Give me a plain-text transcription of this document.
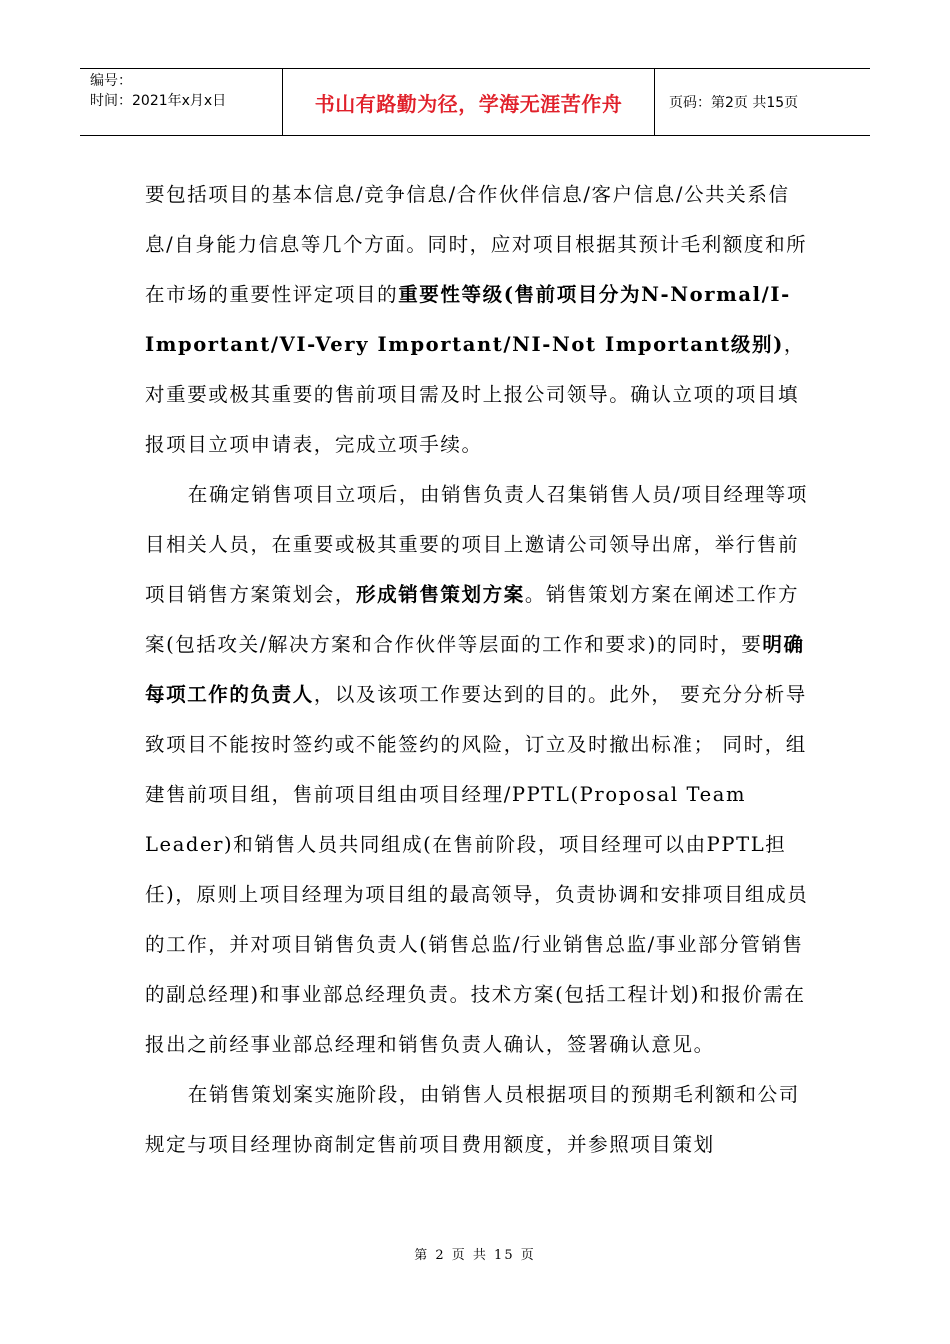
编号：
时间：2021年x月x日	书山有路勤为径，学海无涯苦作舟	页码：第2页 共15页

要包括项目的基本信息/竞争信息/合作伙伴信息/客户信息/公共关系信息/自身能力信息等几个方面。同时，应对项目根据其预计毛利额度和所在市场的重要性评定项目的重要性等级(售前项目分为N-Normal/I-Important/VI-Very Important/NI-Not Important级别)，对重要或极其重要的售前项目需及时上报公司领导。确认立项的项目填报项目立项申请表，完成立项手续。

在确定销售项目立项后，由销售负责人召集销售人员/项目经理等项目相关人员，在重要或极其重要的项目上邀请公司领导出席，举行售前项目销售方案策划会，形成销售策划方案。销售策划方案在阐述工作方案(包括攻关/解决方案和合作伙伴等层面的工作和要求)的同时，要明确每项工作的负责人，以及该项工作要达到的目的。此外， 要充分分析导致项目不能按时签约或不能签约的风险，订立及时撤出标准； 同时，组建售前项目组，售前项目组由项目经理/PPTL(Proposal Team Leader)和销售人员共同组成(在售前阶段，项目经理可以由PPTL担任)，原则上项目经理为项目组的最高领导，负责协调和安排项目组成员的工作，并对项目销售负责人(销售总监/行业销售总监/事业部分管销售的副总经理)和事业部总经理负责。技术方案(包括工程计划)和报价需在报出之前经事业部总经理和销售负责人确认，签署确认意见。

在销售策划案实施阶段，由销售人员根据项目的预期毛利额和公司规定与项目经理协商制定售前项目费用额度，并参照项目策划

第 2 页 共 15 页
